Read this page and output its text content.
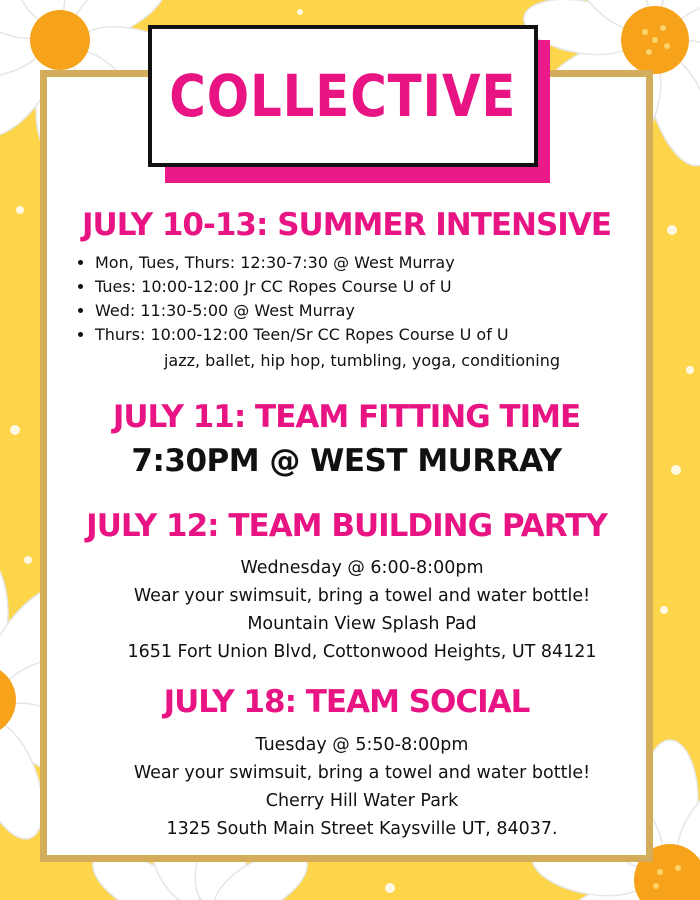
COLLECTIVE
JULY 10-13: SUMMER INTENSIVE
• Mon, Tues, Thurs: 12:30-7:30 @ West Murray
• Tues: 10:00-12:00 Jr CC Ropes Course U of U
• Wed: 11:30-5:00 @ West Murray
• Thurs: 10:00-12:00 Teen/Sr CC Ropes Course U of U
jazz, ballet, hip hop, tumbling, yoga, conditioning
JULY 11: TEAM FITTING TIME
7:30PM @ WEST MURRAY
JULY 12: TEAM BUILDING PARTY
Wednesday @ 6:00-8:00pm
Wear your swimsuit, bring a towel and water bottle!
Mountain View Splash Pad
1651 Fort Union Blvd, Cottonwood Heights, UT 84121
JULY 18: TEAM SOCIAL
Tuesday @ 5:50-8:00pm
Wear your swimsuit, bring a towel and water bottle!
Cherry Hill Water Park
1325 South Main Street Kaysville UT, 84037.
